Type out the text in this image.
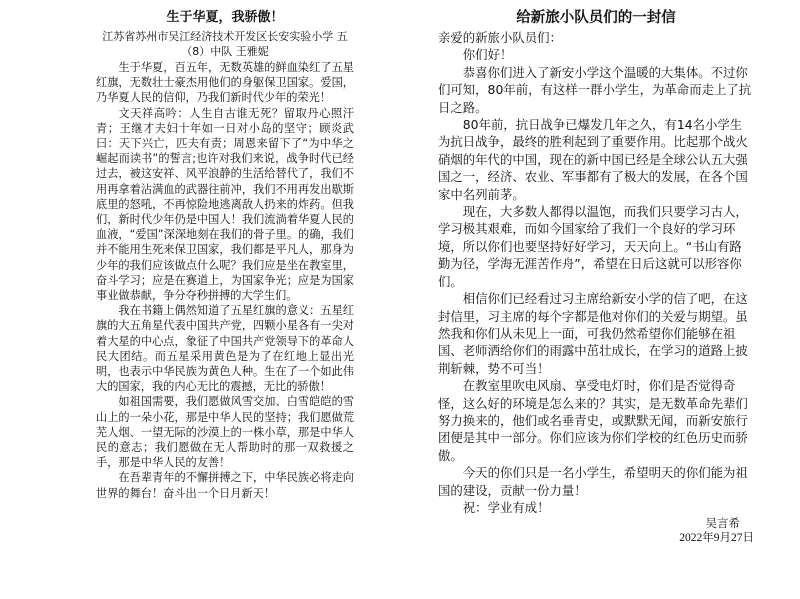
生于华夏，我骄傲！

江苏省苏州市吴江经济技术开发区长安实验小学 五（8）中队 王雅妮

生于华夏，百五年，无数英雄的鲜血染红了五星红旗，无数壮士豪杰用他们的身躯保卫国家。爱国，乃华夏人民的信仰，乃我们新时代少年的荣光！

文天祥高吟：人生自古谁无死？留取丹心照汗青；王继才夫妇十年如一日对小岛的坚守；顾炎武曰：天下兴亡，匹夫有责；周恩来留下了“为中华之崛起而读书”的誓言;也许对我们来说，战争时代已经过去，被这安祥、风平浪静的生活给替代了，我们不用再拿着沾满血的武器往前冲，我们不用再发出歇斯底里的怒吼，不再惊险地逃离敌人扔来的炸药。但我们，新时代少年仍是中国人！我们流淌着华夏人民的血液，“爱国”深深地刻在我们的骨子里。的确，我们并不能用生死来保卫国家，我们都是平凡人，那身为少年的我们应该做点什么呢？我们应是坐在教室里，奋斗学习；应是在赛道上，为国家争光；应是为国家事业做恭献，争分夺秒拼搏的大学生们。

我在书籍上偶然知道了五星红旗的意义：五星红旗的大五角星代表中国共产党，四颗小星各有一尖对着大星的中心点，象征了中国共产党领导下的革命人民大团结。而五星采用黄色是为了在红地上显出光明，也表示中华民族为黄色人种。生在了一个如此伟大的国家，我的内心无比的震撼，无比的骄傲！

如祖国需要，我们愿做风雪交加、白雪皑皑的雪山上的一朵小花，那是中华人民的坚持；我们愿做荒芜人烟、一望无际的沙漠上的一株小草，那是中华人民的意志；我们愿做在无人帮助时的那一双救援之手，那是中华人民的友善！

在吾辈青年的不懈拼搏之下，中华民族必将走向世界的舞台！奋斗出一个日月新天！

给新旅小队员们的一封信

亲爱的新旅小队员们：

你们好！

恭喜你们进入了新安小学这个温暖的大集体。不过你们可知，80年前，有这样一群小学生，为革命而走上了抗日之路。

80年前，抗日战争已爆发几年之久，有14名小学生为抗日战争，最终的胜利起到了重要作用。比起那个战火硝烟的年代的中国，现在的新中国已经是全球公认五大强国之一，经济、农业、军事都有了极大的发展，在各个国家中名列前茅。

现在，大多数人都得以温饱，而我们只要学习古人，学习极其艰难，而如今国家给了我们一个良好的学习环境，所以你们也要坚持好好学习，天天向上。“书山有路勤为径，学海无涯苦作舟”，希望在日后这就可以形容你们。

相信你们已经看过习主席给新安小学的信了吧，在这封信里，习主席的每个字都是他对你们的关爱与期望。虽然我和你们从未见上一面，可我仍然希望你们能够在祖国、老师洒给你们的雨露中茁壮成长，在学习的道路上披荆斩棘，势不可当！

在教室里吹电风扇、享受电灯时，你们是否觉得奇怪，这么好的环境是怎么来的？其实，是无数革命先辈们努力换来的，他们或名垂青史，或默默无闻，而新安旅行团便是其中一部分。你们应该为你们学校的红色历史而骄傲。

今天的你们只是一名小学生，希望明天的你们能为祖国的建设，贡献一份力量！

祝：学业有成！

吴言希

2022年9月27日
